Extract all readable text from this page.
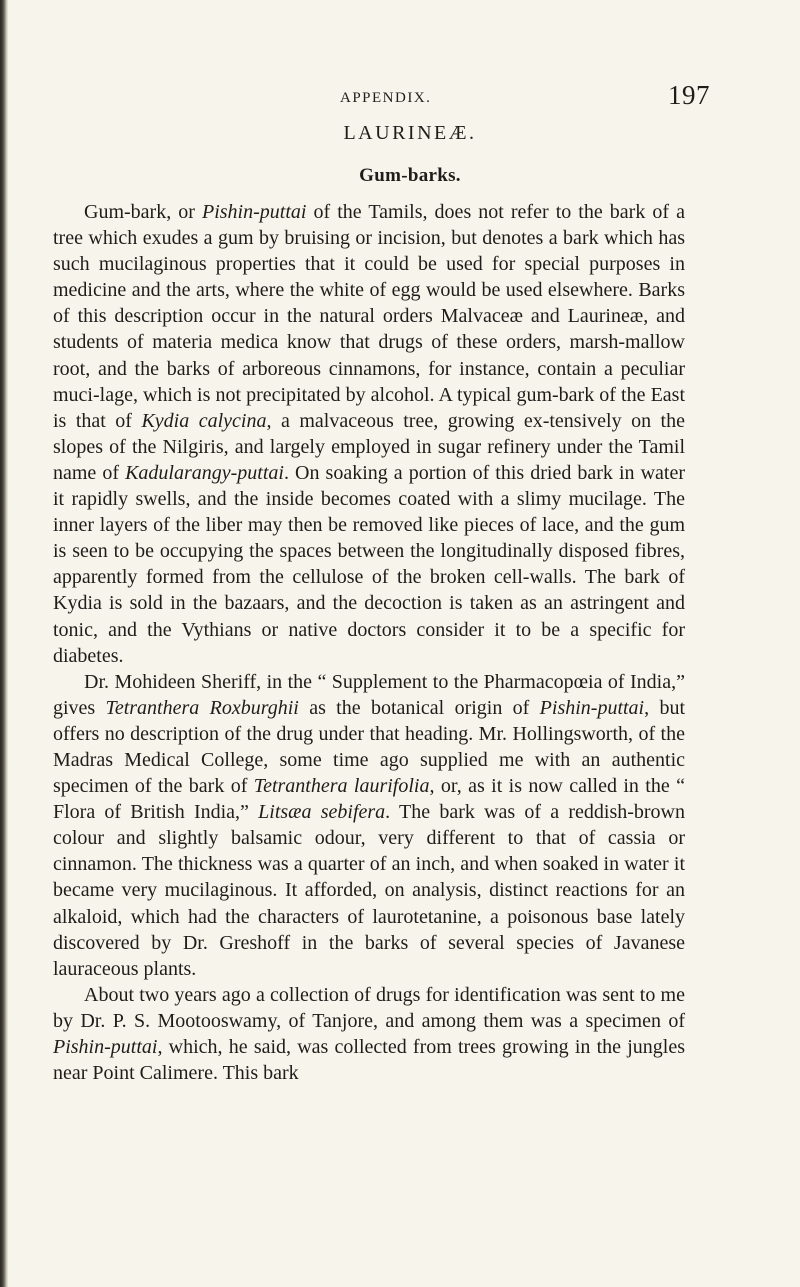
APPENDIX.	197
LAURINEÆ.
Gum-barks.

Gum-bark, or Pishin-puttai of the Tamils, does not refer to the bark of a tree which exudes a gum by bruising or incision, but denotes a bark which has such mucilaginous properties that it could be used for special purposes in medicine and the arts, where the white of egg would be used elsewhere. Barks of this description occur in the natural orders Malvaceæ and Laurineæ, and students of materia medica know that drugs of these orders, marsh-mallow root, and the barks of arboreous cinnamons, for instance, contain a peculiar muci-lage, which is not precipitated by alcohol. A typical gum-bark of the East is that of Kydia calycina, a malvaceous tree, growing ex-tensively on the slopes of the Nilgiris, and largely employed in sugar refinery under the Tamil name of Kadularangy-puttai. On soaking a portion of this dried bark in water it rapidly swells, and the inside becomes coated with a slimy mucilage. The inner layers of the liber may then be removed like pieces of lace, and the gum is seen to be occupying the spaces between the longitudinally disposed fibres, apparently formed from the cellulose of the broken cell-walls. The bark of Kydia is sold in the bazaars, and the decoction is taken as an astringent and tonic, and the Vythians or native doctors consider it to be a specific for diabetes.

Dr. Mohideen Sheriff, in the “ Supplement to the Pharmacopœia of India,” gives Tetranthera Roxburghii as the botanical origin of Pishin-puttai, but offers no description of the drug under that heading. Mr. Hollingsworth, of the Madras Medical College, some time ago supplied me with an authentic specimen of the bark of Tetranthera laurifolia, or, as it is now called in the “ Flora of British India,” Litsæa sebifera. The bark was of a reddish-brown colour and slightly balsamic odour, very different to that of cassia or cinnamon. The thickness was a quarter of an inch, and when soaked in water it became very mucilaginous. It afforded, on analysis, distinct reactions for an alkaloid, which had the characters of laurotetanine, a poisonous base lately discovered by Dr. Greshoff in the barks of several species of Javanese lauraceous plants.

About two years ago a collection of drugs for identification was sent to me by Dr. P. S. Mootooswamy, of Tanjore, and among them was a specimen of Pishin-puttai, which, he said, was collected from trees growing in the jungles near Point Calimere. This bark
